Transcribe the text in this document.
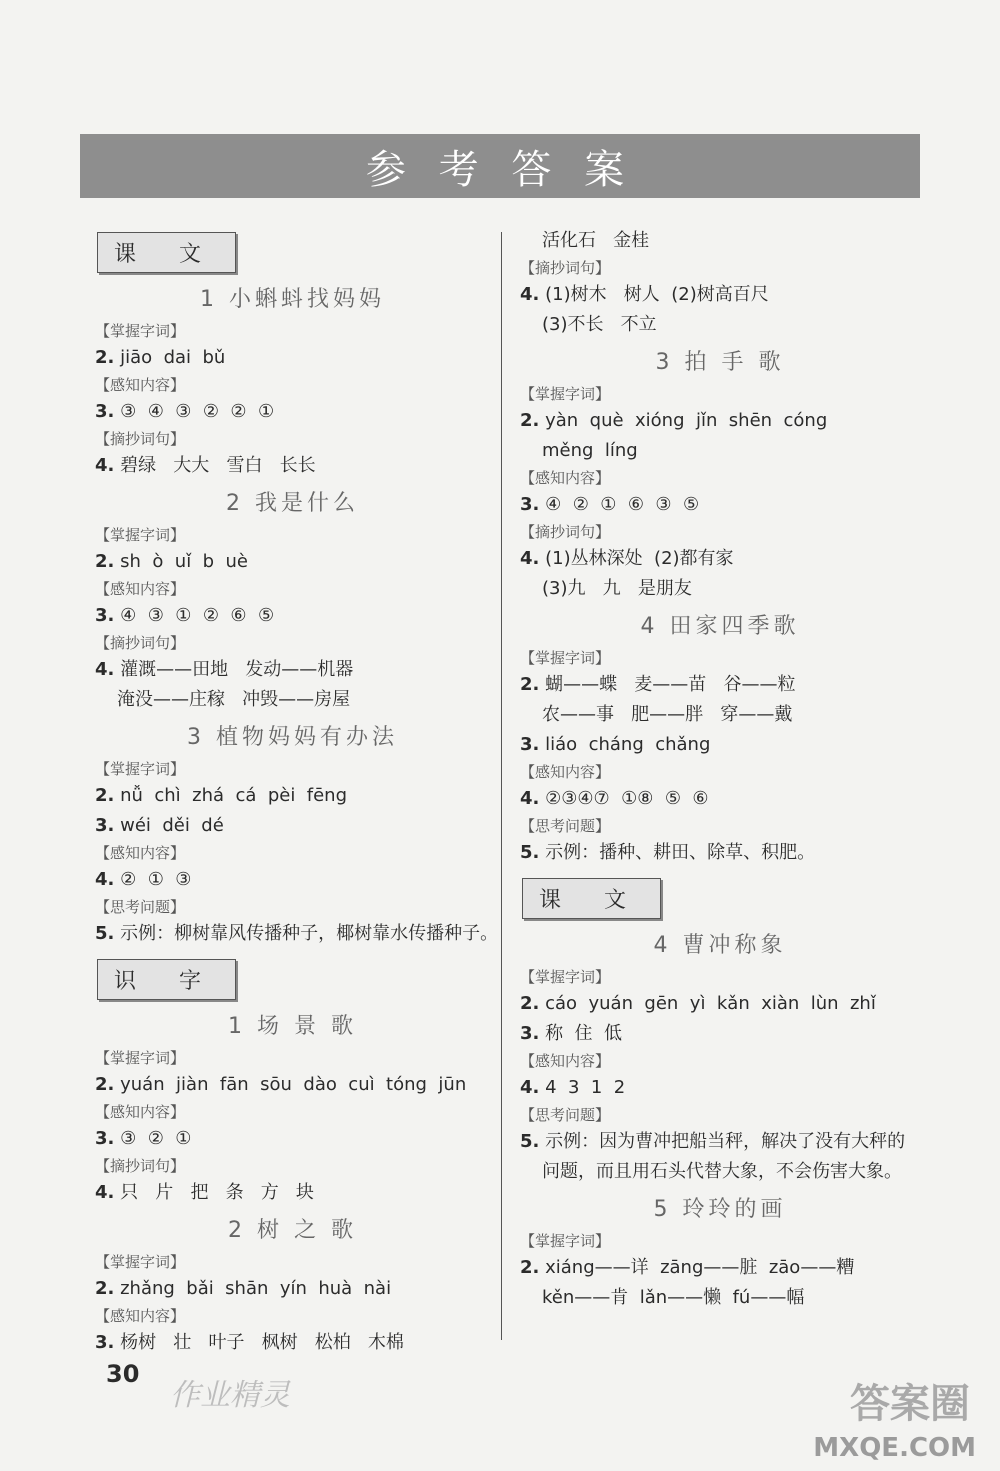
参 考 答 案
课 文
1 小蝌蚪找妈妈
【掌握字词】
2. jiāo  dai  bǔ
【感知内容】
3. ③  ④  ③  ②  ②  ①
【摘抄词句】
4. 碧绿   大大   雪白   长长
2 我是什么
【掌握字词】
2. sh  ò  uǐ  b  uè
【感知内容】
3. ④  ③  ①  ②  ⑥  ⑤
【摘抄词句】
4. 灌溉——田地   发动——机器
淹没——庄稼   冲毁——房屋
3 植物妈妈有办法
【掌握字词】
2. nǚ  chì  zhá  cá  pèi  fēng
3. wéi  děi  dé
【感知内容】
4. ②  ①  ③
【思考问题】
5. 示例：柳树靠风传播种子，椰树靠水传播种子。
识 字
1 场 景 歌
【掌握字词】
2. yuán  jiàn  fān  sōu  dào  cuì  tóng  jūn
【感知内容】
3. ③  ②  ①
【摘抄词句】
4. 只   片   把   条   方   块
2 树 之 歌
【掌握字词】
2. zhǎng  bǎi  shān  yín  huà  nài
【感知内容】
3. 杨树   壮   叶子   枫树   松柏   木棉
活化石   金桂
【摘抄词句】
4. (1)树木   树人  (2)树高百尺
(3)不长   不立
3 拍 手 歌
【掌握字词】
2. yàn  què  xióng  jǐn  shēn  cóng
měng  líng
【感知内容】
3. ④  ②  ①  ⑥  ③  ⑤
【摘抄词句】
4. (1)丛林深处  (2)都有家
(3)九   九   是朋友
4 田家四季歌
【掌握字词】
2. 蝴——蝶   麦——苗   谷——粒
农——事   肥——胖   穿——戴
3. liáo  cháng  chǎng
【感知内容】
4. ②③④⑦  ①⑧  ⑤  ⑥
【思考问题】
5. 示例：播种、耕田、除草、积肥。
课 文
4 曹冲称象
【掌握字词】
2. cáo  yuán  gēn  yì  kǎn  xiàn  lùn  zhǐ
3. 称  住  低
【感知内容】
4. 4  3  1  2
【思考问题】
5. 示例：因为曹冲把船当秤，解决了没有大秤的
问题，而且用石头代替大象，不会伤害大象。
5 玲玲的画
【掌握字词】
2. xiáng——详  zāng——脏  zāo——糟
kěn——肯  lǎn——懒  fú——幅
30
作业精灵	答案圈
MXQE.COM
